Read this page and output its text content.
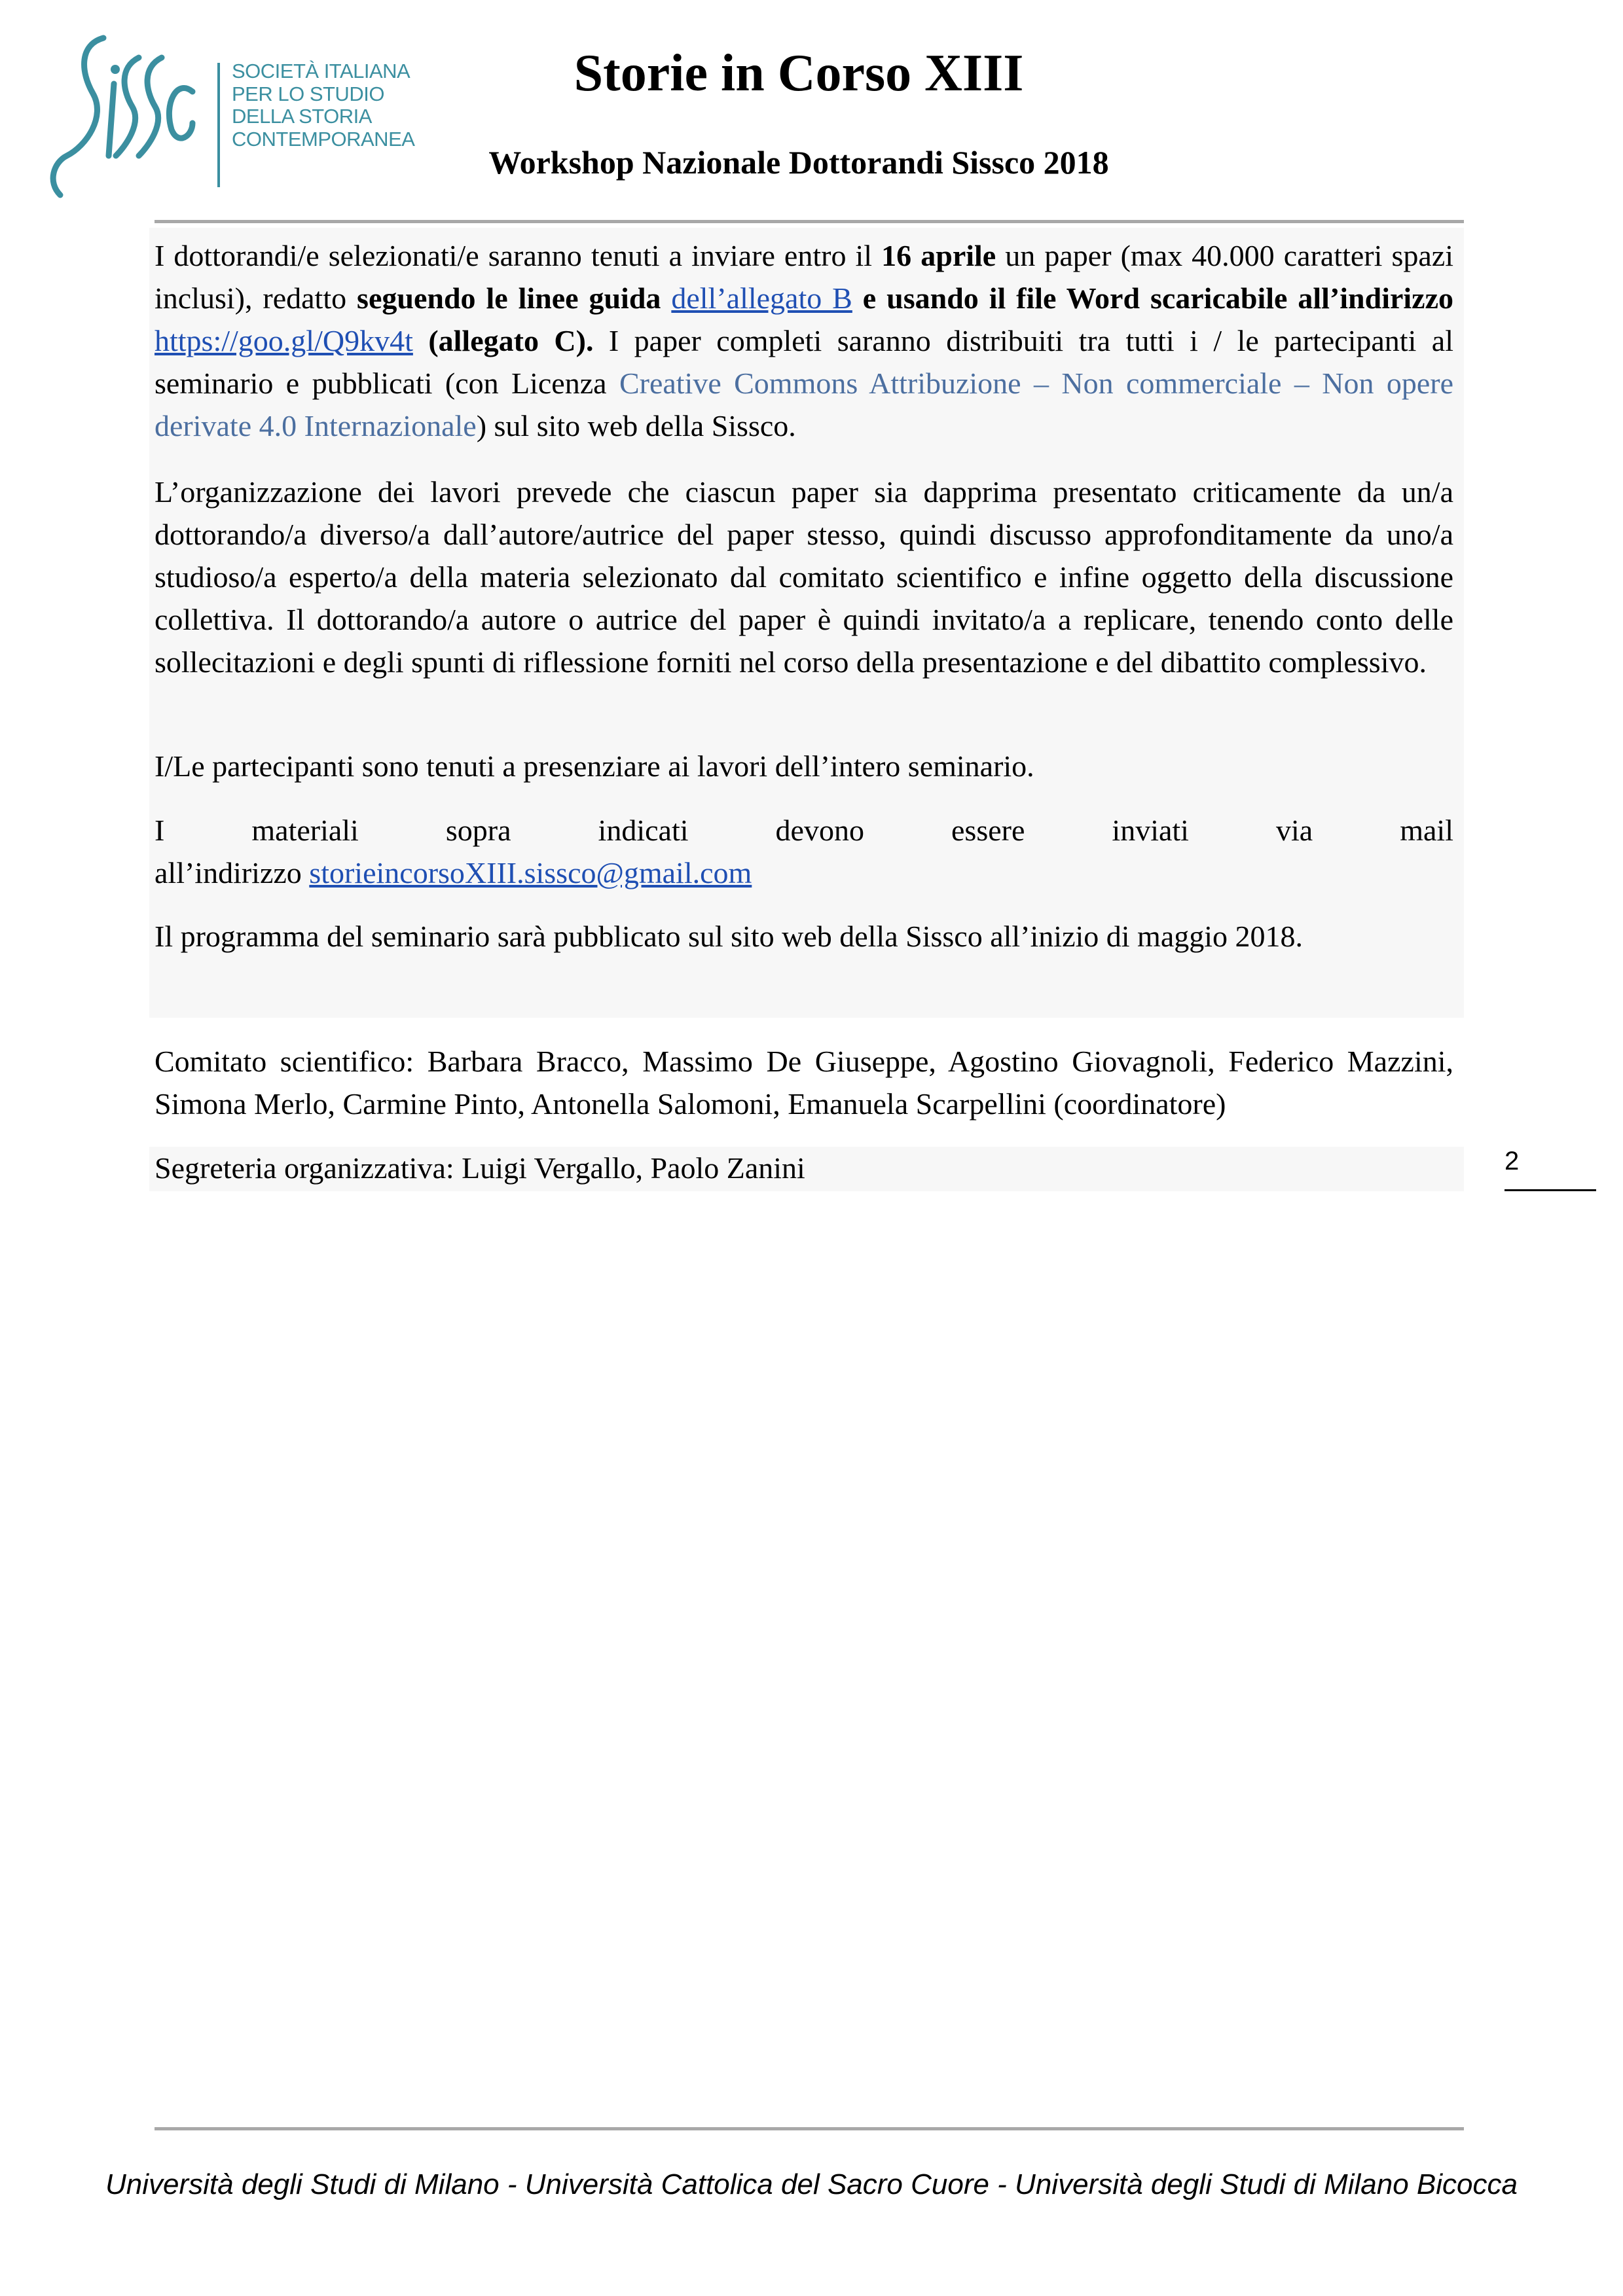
SOCIETÀ ITALIANA
PER LO STUDIO
DELLA STORIA
CONTEMPORANEA
Storie in Corso XIII
Workshop Nazionale Dottorandi Sissco 2018

I dottorandi/e selezionati/e saranno tenuti a inviare entro il 16 aprile un paper (max 40.000 caratteri spazi inclusi), redatto seguendo le linee guida dell’allegato B e usando il file Word scaricabile all’indirizzo https://goo.gl/Q9kv4t (allegato C). I paper completi saranno distribuiti tra tutti i / le partecipanti al seminario e pubblicati (con Licenza Creative Commons Attribuzione – Non commerciale – Non opere derivate 4.0 Internazionale) sul sito web della Sissco.

L’organizzazione dei lavori prevede che ciascun paper sia dapprima presentato criticamente da un/a dottorando/a diverso/a dall’autore/autrice del paper stesso, quindi discusso approfonditamente da uno/a studioso/a esperto/a della materia selezionato dal comitato scientifico e infine oggetto della discussione collettiva. Il dottorando/a autore o autrice del paper è quindi invitato/a a replicare, tenendo conto delle sollecitazioni e degli spunti di riflessione forniti nel corso della presentazione e del dibattito complessivo.

I/Le partecipanti sono tenuti a presenziare ai lavori dell’intero seminario.

I materiali sopra indicati devono essere inviati via mail
all’indirizzo storieincorsoXIII.sissco@gmail.com

Il programma del seminario sarà pubblicato sul sito web della Sissco all’inizio di maggio 2018.

Comitato scientifico: Barbara Bracco, Massimo De Giuseppe, Agostino Giovagnoli, Federico Mazzini, Simona Merlo, Carmine Pinto, Antonella Salomoni, Emanuela Scarpellini (coordinatore)

Segreteria organizzativa: Luigi Vergallo, Paolo Zanini	2

Università degli Studi di Milano - Università Cattolica del Sacro Cuore - Università degli Studi di Milano Bicocca
